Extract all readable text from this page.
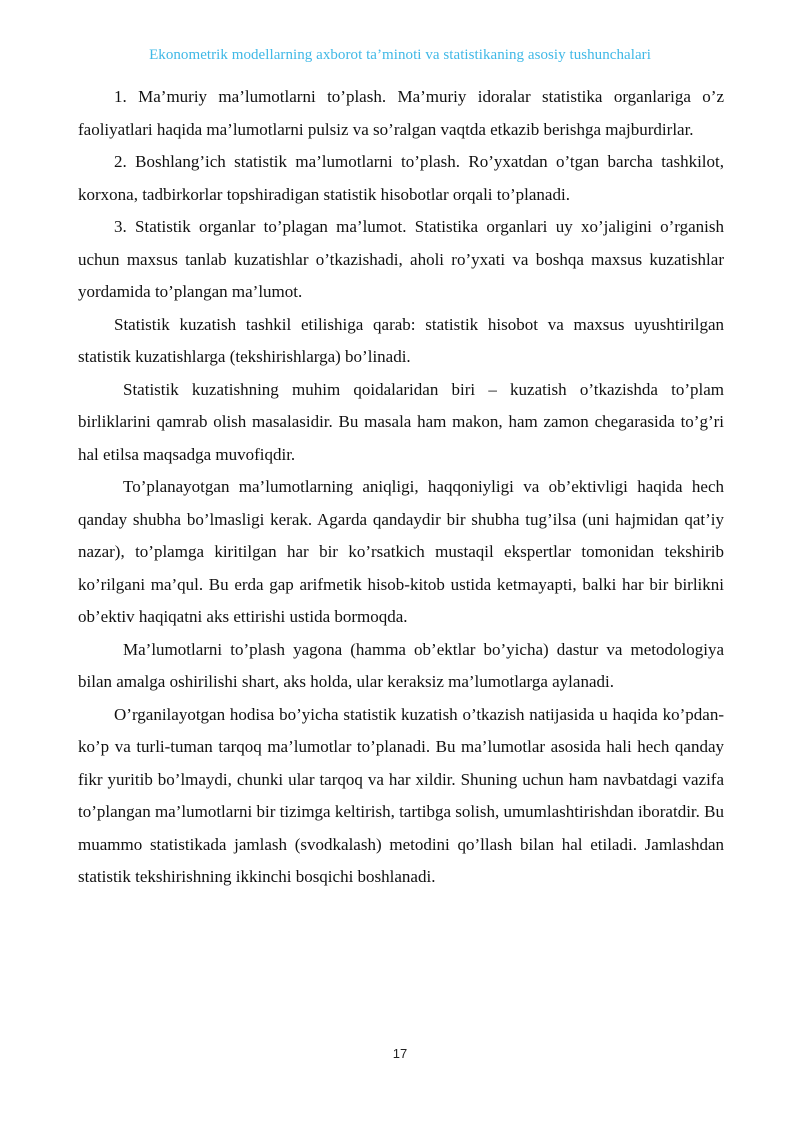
Ekonometrik modellarning axborot ta’minoti va statistikaning asosiy tushunchalari

1. Ma’muriy ma’lumotlarni to’plash. Ma’muriy idoralar statistika organlariga o’z faoliyatlari haqida ma’lumotlarni pulsiz va so’ralgan vaqtda etkazib berishga majburdirlar.

2. Boshlang’ich statistik ma’lumotlarni to’plash. Ro’yxatdan o’tgan barcha tashkilot, korxona, tadbirkorlar topshiradigan statistik hisobotlar orqali to’planadi.

3. Statistik organlar to’plagan ma’lumot. Statistika organlari uy xo’jaligini o’rganish uchun maxsus tanlab kuzatishlar o’tkazishadi, aholi ro’yxati va boshqa maxsus kuzatishlar yordamida to’plangan ma’lumot.

Statistik kuzatish tashkil etilishiga qarab: statistik hisobot va maxsus uyushtirilgan statistik kuzatishlarga (tekshirishlarga) bo’linadi.

Statistik kuzatishning muhim qoidalaridan biri – kuzatish o’tkazishda to’plam birliklarini qamrab olish masalasidir. Bu masala ham makon, ham zamon chegarasida to’g’ri hal etilsa maqsadga muvofiqdir.

To’planayotgan ma’lumotlarning aniqligi, haqqoniyligi va ob’ektivligi haqida hech qanday shubha bo’lmasligi kerak. Agarda qandaydir bir shubha tug’ilsa (uni hajmidan qat’iy nazar), to’plamga kiritilgan har bir ko’rsatkich mustaqil ekspertlar tomonidan tekshirib ko’rilgani ma’qul. Bu erda gap arifmetik hisob-kitob ustida ketmayapti, balki har bir birlikni ob’ektiv haqiqatni aks ettirishi ustida bormoqda.

Ma’lumotlarni to’plash yagona (hamma ob’ektlar bo’yicha) dastur va metodologiya bilan amalga oshirilishi shart, aks holda, ular keraksiz ma’lumotlarga aylanadi.

O’rganilayotgan hodisa bo’yicha statistik kuzatish o’tkazish natijasida u haqida ko’pdan-ko’p va turli-tuman tarqoq ma’lumotlar to’planadi. Bu ma’lumotlar asosida hali hech qanday fikr yuritib bo’lmaydi, chunki ular tarqoq va har xildir. Shuning uchun ham navbatdagi vazifa to’plangan ma’lumotlarni bir tizimga keltirish, tartibga solish, umumlashtirishdan iboratdir. Bu muammo statistikada jamlash (svodkalash) metodini qo’llash bilan hal etiladi. Jamlashdan statistik tekshirishning ikkinchi bosqichi boshlanadi.

17
